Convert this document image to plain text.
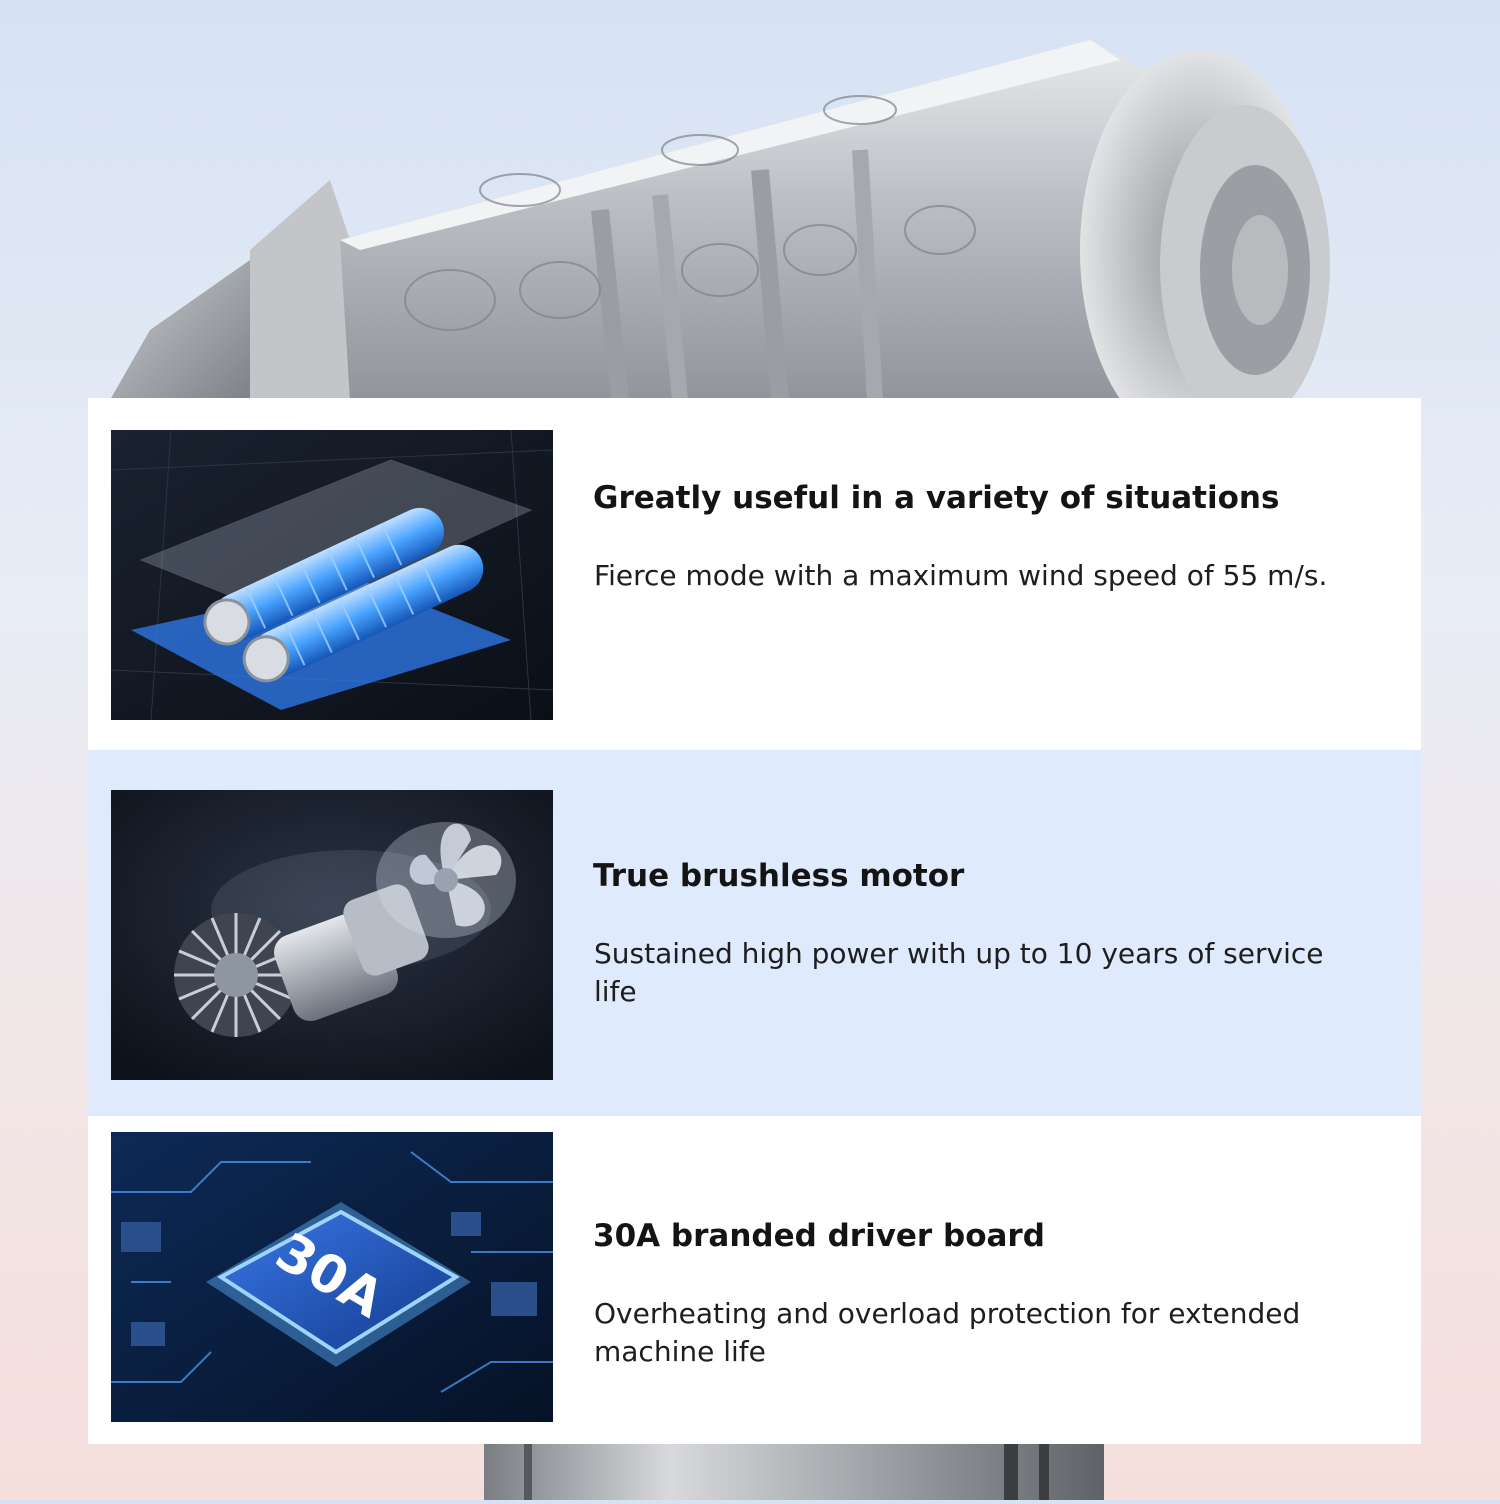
Greatly useful in a variety of situations

Fierce mode with a maximum wind speed of 55 m/s.

True brushless motor

Sustained high power with up to 10 years of service life

30A	30A branded driver board

Overheating and overload protection for extended machine life
